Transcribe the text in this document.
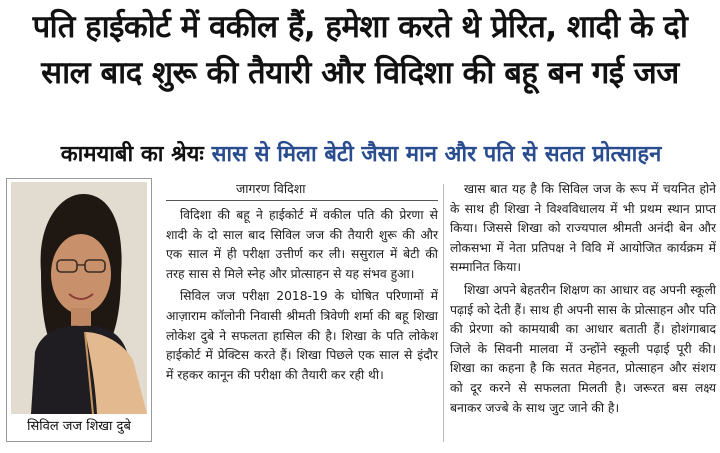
पति हाईकोर्ट में वकील हैं, हमेशा करते थे प्रेरित, शादी के दो
साल बाद शुरू की तैयारी और विदिशा की बहू बन गई जज
कामयाबी का श्रेयः सास से मिला बेटी जैसा मान और पति से सतत प्रोत्साहन
सिविल जज शिखा दुबे
जागरण विदिशा

विदिशा की बहू ने हाईकोर्ट में वकील पति की प्रेरणा से शादी के दो साल बाद सिविल जज की तैयारी शुरू की और एक साल में ही परीक्षा उत्तीर्ण कर ली। ससुराल में बेटी की तरह सास से मिले स्नेह और प्रोत्साहन से यह संभव हुआ।

सिविल जज परीक्षा 2018-19 के घोषित परिणामों में आज़ाराम कॉलोनी निवासी श्रीमती त्रिवेणी शर्मा की बहू शिखा लोकेश दुबे ने सफलता हासिल की है। शिखा के पति लोकेश हाईकोर्ट में प्रेक्टिस करते हैं। शिखा पिछले एक साल से इंदौर में रहकर कानून की परीक्षा की तैयारी कर रही थी।

खास बात यह है कि सिविल जज के रूप में चयनित होने के साथ ही शिखा ने विश्वविधालय में भी प्रथम स्थान प्राप्त किया। जिससे शिखा को राज्यपाल श्रीमती अनंदी बेन और लोकसभा में नेता प्रतिपक्ष ने विवि में आयोजित कार्यक्रम में सम्मानित किया।

शिखा अपने बेहतरीन शिक्षण का आधार वह अपनी स्कूली पढ़ाई को देती हैं। साथ ही अपनी सास के प्रोत्साहन और पति की प्रेरणा को कामयाबी का आधार बताती हैं। होशंगाबाद जिले के सिवनी मालवा में उन्होंने स्कूली पढ़ाई पूरी की। शिखा का कहना है कि सतत मेहनत, प्रोत्साहन और संशय को दूर करने से सफलता मिलती है। जरूरत बस लक्ष्य बनाकर जज्बे के साथ जुट जाने की है।
